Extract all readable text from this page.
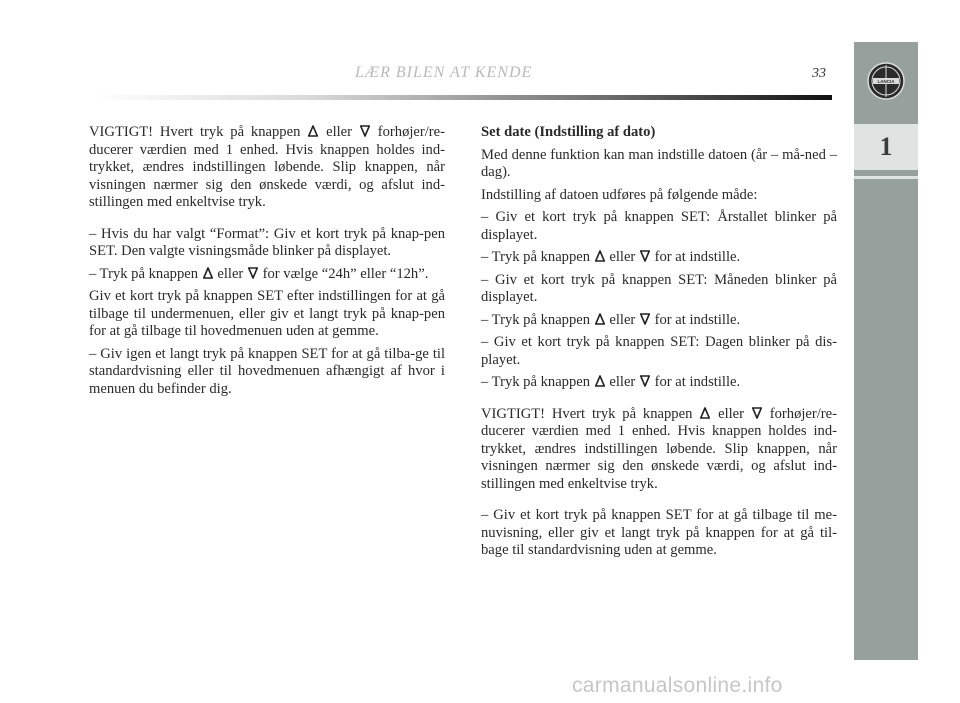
LANCIA
1
LÆR BILEN AT KENDE	33

VIGTIGT! Hvert tryk på knappen eller forhøjer/re-ducerer værdien med 1 enhed. Hvis knappen holdes ind-trykket, ændres indstillingen løbende. Slip knappen, når visningen nærmer sig den ønskede værdi, og afslut ind-stillingen med enkeltvise tryk.

– Hvis du har valgt “Format”: Giv et kort tryk på knap-pen SET. Den valgte visningsmåde blinker på displayet.

– Tryk på knappen eller for vælge “24h” eller “12h”.

Giv et kort tryk på knappen SET efter indstillingen for at gå tilbage til undermenuen, eller giv et langt tryk på knap-pen for at gå tilbage til hovedmenuen uden at gemme.

– Giv igen et langt tryk på knappen SET for at gå tilba-ge til standardvisning eller til hovedmenuen afhængigt af hvor i menuen du befinder dig.

Set date (Indstilling af dato)

Med denne funktion kan man indstille datoen (år – må-ned – dag).

Indstilling af datoen udføres på følgende måde:

– Giv et kort tryk på knappen SET: Årstallet blinker på displayet.

– Tryk på knappen eller for at indstille.

– Giv et kort tryk på knappen SET: Måneden blinker på displayet.

– Tryk på knappen eller for at indstille.

– Giv et kort tryk på knappen SET: Dagen blinker på dis-playet.

– Tryk på knappen eller for at indstille.

VIGTIGT! Hvert tryk på knappen eller forhøjer/re-ducerer værdien med 1 enhed. Hvis knappen holdes ind-trykket, ændres indstillingen løbende. Slip knappen, når visningen nærmer sig den ønskede værdi, og afslut ind-stillingen med enkeltvise tryk.

– Giv et kort tryk på knappen SET for at gå tilbage til me-nuvisning, eller giv et langt tryk på knappen for at gå til-bage til standardvisning uden at gemme.

carmanualsonline.info
